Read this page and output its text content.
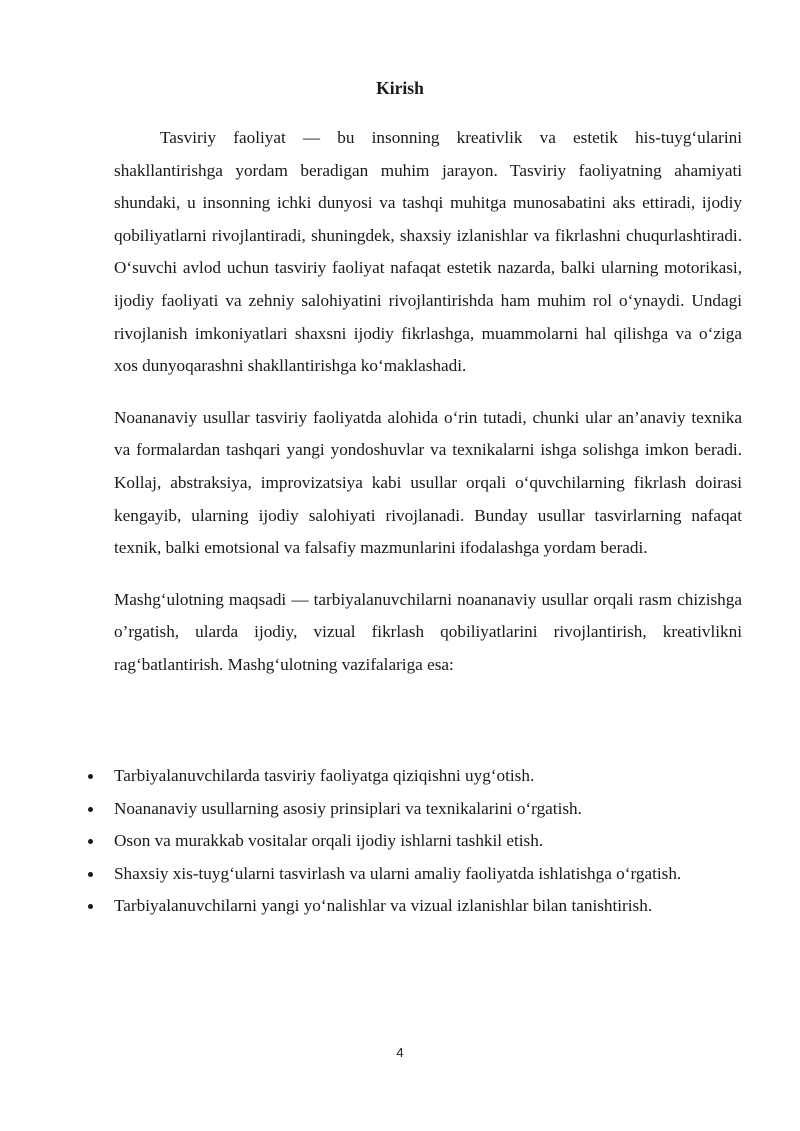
Kirish

Tasviriy faoliyat — bu insonning kreativlik va estetik his-tuyg‘ularini shakllantirishga yordam beradigan muhim jarayon. Tasviriy faoliyatning ahamiyati shundaki, u insonning ichki dunyosi va tashqi muhitga munosabatini aks ettiradi, ijodiy qobiliyatlarni rivojlantiradi, shuningdek, shaxsiy izlanishlar va fikrlashni chuqurlashtiradi. O‘suvchi avlod uchun tasviriy faoliyat nafaqat estetik nazarda, balki ularning motorikasi, ijodiy faoliyati va zehniy salohiyatini rivojlantirishda ham muhim rol o‘ynaydi. Undagi rivojlanish imkoniyatlari shaxsni ijodiy fikrlashga, muammolarni hal qilishga va o‘ziga xos dunyoqarashni shakllantirishga ko‘maklashadi.

Noananaviy usullar tasviriy faoliyatda alohida o‘rin tutadi, chunki ular an’anaviy texnika va formalardan tashqari yangi yondoshuvlar va texnikalarni ishga solishga imkon beradi. Kollaj, abstraksiya, improvizatsiya kabi usullar orqali o‘quvchilarning fikrlash doirasi kengayib, ularning ijodiy salohiyati rivojlanadi. Bunday usullar tasvirlarning nafaqat texnik, balki emotsional va falsafiy mazmunlarini ifodalashga yordam beradi.

Mashg‘ulotning maqsadi — tarbiyalanuvchilarni noananaviy usullar orqali rasm chizishga o’rgatish, ularda ijodiy, vizual fikrlash qobiliyatlarini rivojlantirish, kreativlikni rag‘batlantirish. Mashg‘ulotning vazifalariga esa:

Tarbiyalanuvchilarda tasviriy faoliyatga qiziqishni uyg‘otish.
Noananaviy usullarning asosiy prinsiplari va texnikalarini o‘rgatish.
Oson va murakkab vositalar orqali ijodiy ishlarni tashkil etish.
Shaxsiy xis-tuyg‘ularni tasvirlash va ularni amaliy faoliyatda ishlatishga o‘rgatish.
Tarbiyalanuvchilarni yangi yo‘nalishlar va vizual izlanishlar bilan tanishtirish.
4
